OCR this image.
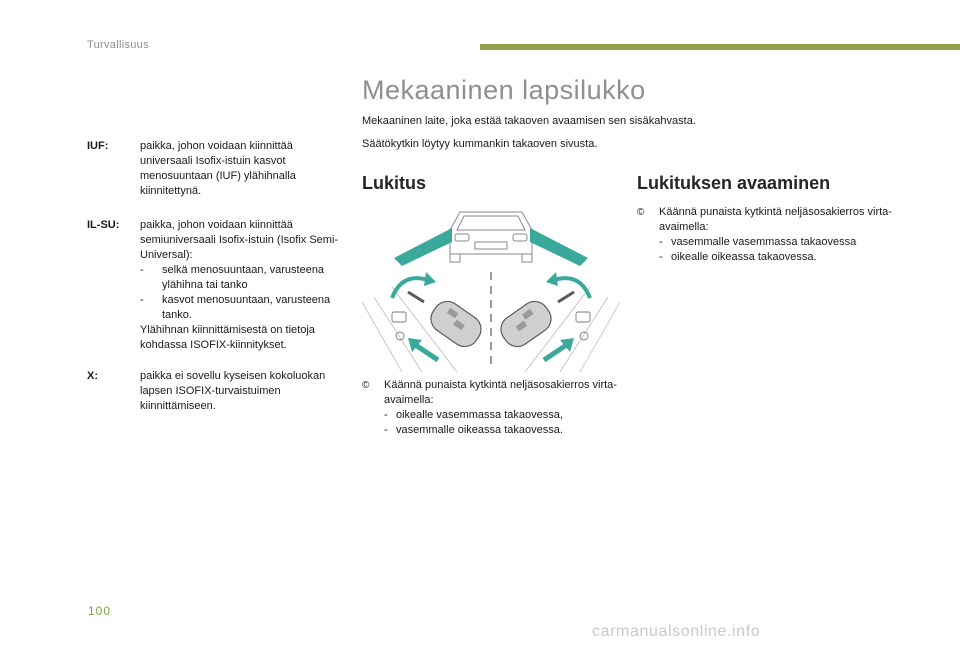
Turvallisuus
IUF:	paikka, johon voidaan kiinnittää universaali Isofix-istuin kasvot menosuuntaan (IUF) ylähihnalla kiinnitettynä.

IL-SU: paikka, johon voidaan kiinnittää semiuniversaali Isofix-istuin (Isofix Semi-Universal):

- selkä menosuuntaan, varusteena ylähihna tai tanko
- kasvot menosuuntaan, varusteena tanko.

Ylähihnan kiinnittämisestä on tietoja kohdassa ISOFIX-kiinnitykset.

X:	paikka ei sovellu kyseisen kokoluokan lapsen ISOFIX-turvaistuimen kiinnittämiseen.

Mekaaninen lapsilukko
Mekaaninen laite, joka estää takaoven avaamisen sen sisäkahvasta.
Säätökytkin löytyy kummankin takaoven sivusta.
Lukitus	Lukituksen avaaminen
© Käännä punaista kytkintä neljäsosakierros virta-avaimella:
- oikealle vasemmassa takaovessa,
- vasemmalle oikeassa takaovessa.
© Käännä punaista kytkintä neljäsosakierros virta-avaimella:
- vasemmalle vasemmassa takaovessa
- oikealle oikeassa takaovessa.
100
carmanualsonline.info
